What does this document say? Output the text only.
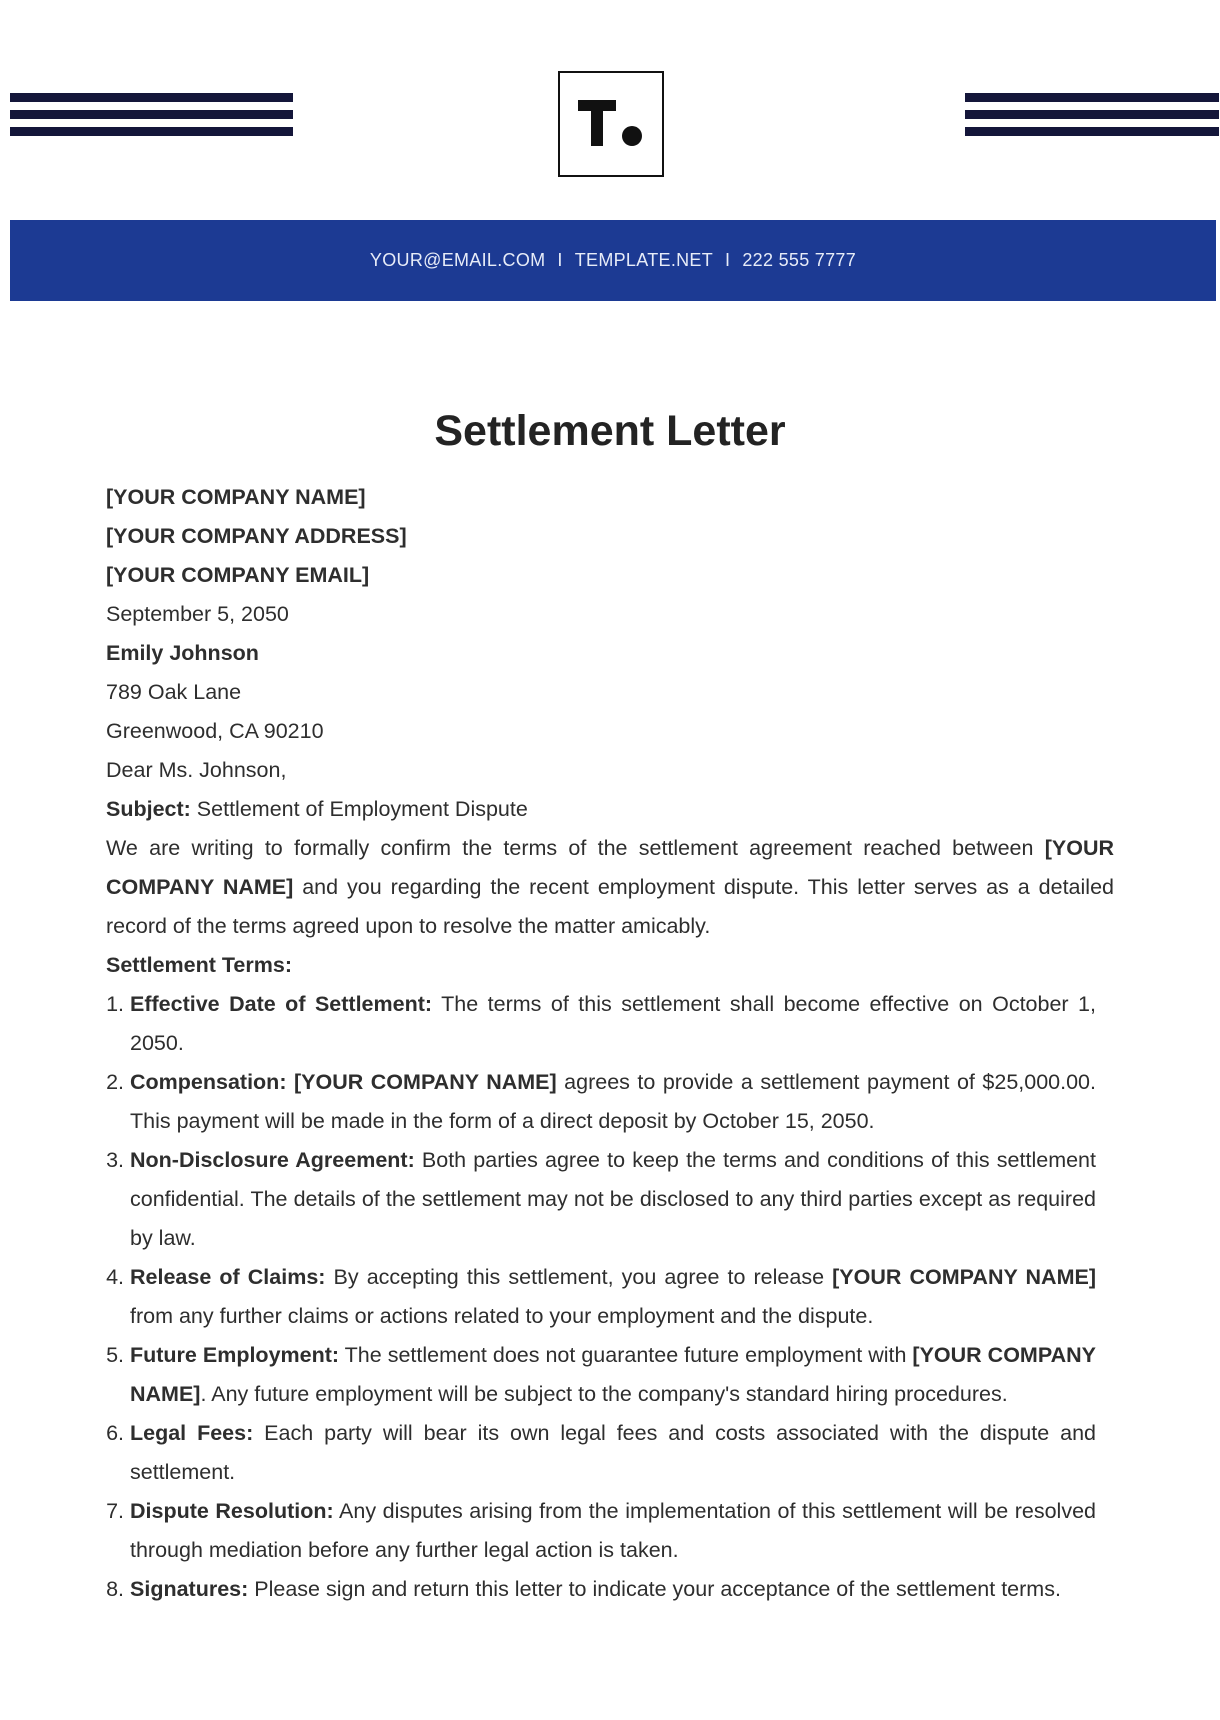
YOUR@EMAIL.COM I TEMPLATE.NET I 222 555 7777
Settlement Letter

[YOUR COMPANY NAME]

[YOUR COMPANY ADDRESS]

[YOUR COMPANY EMAIL]

September 5, 2050

Emily Johnson

789 Oak Lane

Greenwood, CA 90210

Dear Ms. Johnson,

Subject: Settlement of Employment Dispute

We are writing to formally confirm the terms of the settlement agreement reached between [YOUR COMPANY NAME] and you regarding the recent employment dispute. This letter serves as a detailed record of the terms agreed upon to resolve the matter amicably.

Settlement Terms:

1. Effective Date of Settlement: The terms of this settlement shall become effective on October 1, 2050.
2. Compensation: [YOUR COMPANY NAME] agrees to provide a settlement payment of $25,000.00. This payment will be made in the form of a direct deposit by October 15, 2050.
3. Non-Disclosure Agreement: Both parties agree to keep the terms and conditions of this settlement confidential. The details of the settlement may not be disclosed to any third parties except as required by law.
4. Release of Claims: By accepting this settlement, you agree to release [YOUR COMPANY NAME] from any further claims or actions related to your employment and the dispute.
5. Future Employment: The settlement does not guarantee future employment with [YOUR COMPANY NAME]. Any future employment will be subject to the company's standard hiring procedures.
6. Legal Fees: Each party will bear its own legal fees and costs associated with the dispute and settlement.
7. Dispute Resolution: Any disputes arising from the implementation of this settlement will be resolved through mediation before any further legal action is taken.
8. Signatures: Please sign and return this letter to indicate your acceptance of the settlement terms.
